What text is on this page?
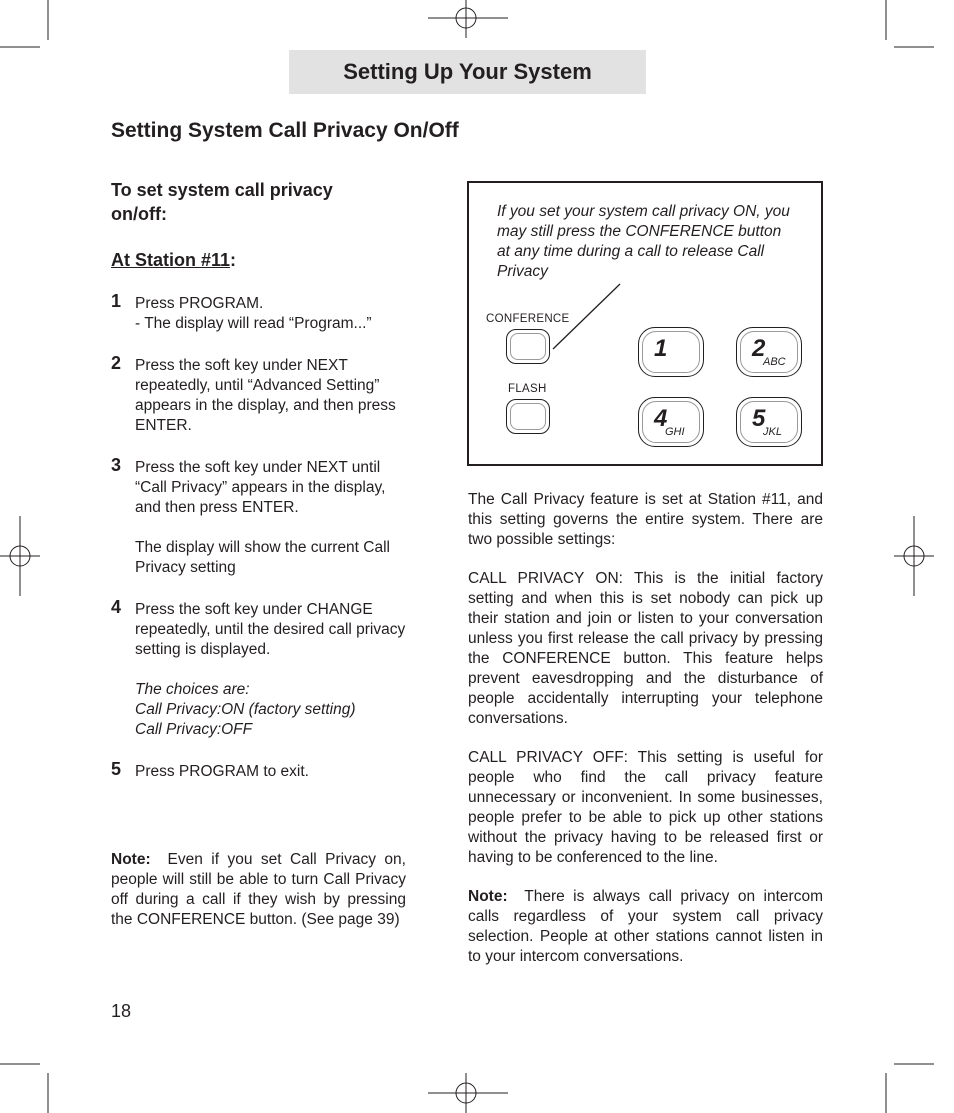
Setting Up Your System
Setting System Call Privacy On/Off
To set system call privacy on/off:
At Station #11:
1 Press PROGRAM.

- The display will read “Program...”

2 Press the soft key under NEXT repeatedly, until “Advanced Setting” appears in the display, and then press ENTER.

3 Press the soft key under NEXT until “Call Privacy” appears in the display, and then press ENTER.

The display will show the current Call Privacy setting

4 Press the soft key under CHANGE repeatedly, until the desired call privacy setting is displayed.

The choices are:

Call Privacy:ON (factory setting)

Call Privacy:OFF

5 Press PROGRAM to exit.

Note: Even if you set Call Privacy on, people will still be able to turn Call Privacy off during a call if they wish by pressing the CONFERENCE button. (See page 39)
18
If you set your system call privacy ON, you may still press the CONFERENCE button at any time during a call to release Call Privacy
CONFERENCE
FLASH
1	2
ABC
4
GHI	5
JKL

The Call Privacy feature is set at Station #11, and this setting governs the entire system. There are two possible settings:

CALL PRIVACY ON: This is the initial factory setting and when this is set nobody can pick up their station and join or listen to your conversation unless you first release the call privacy by pressing the CONFERENCE button. This feature helps prevent eavesdropping and the disturbance of people accidentally interrupting your telephone conversations.

CALL PRIVACY OFF: This setting is useful for people who find the call privacy feature unnecessary or inconvenient. In some businesses, people prefer to be able to pick up other stations without the privacy having to be released first or having to be conferenced to the line.

Note: There is always call privacy on intercom calls regardless of your system call privacy selection. People at other stations cannot listen in to your intercom conversations.
